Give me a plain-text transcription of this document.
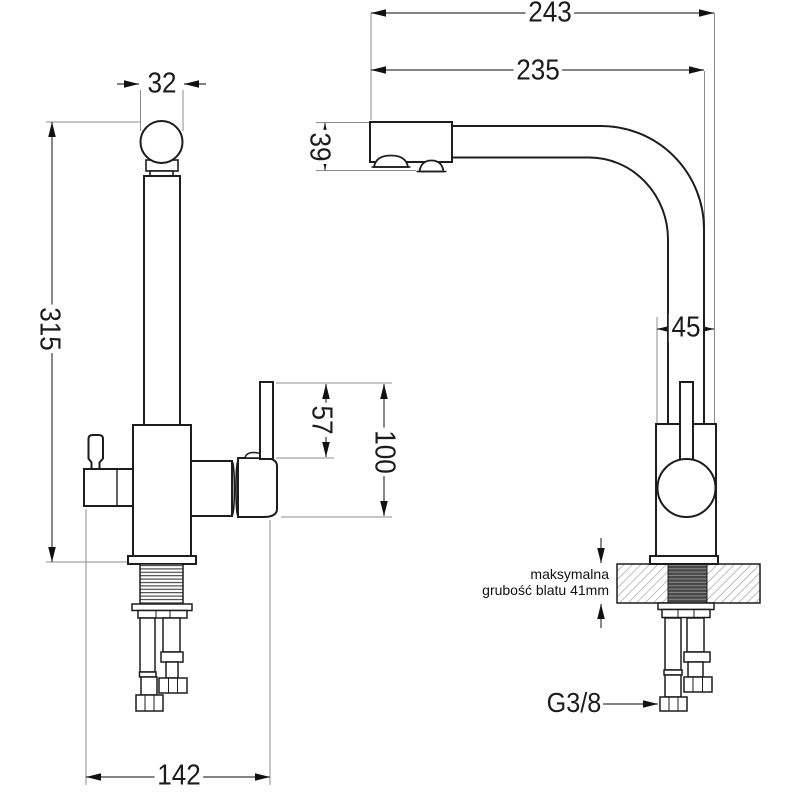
243
235
32
39
315	45
57
100
142
G3/8
maksymalna
grubość blatu 41mm
